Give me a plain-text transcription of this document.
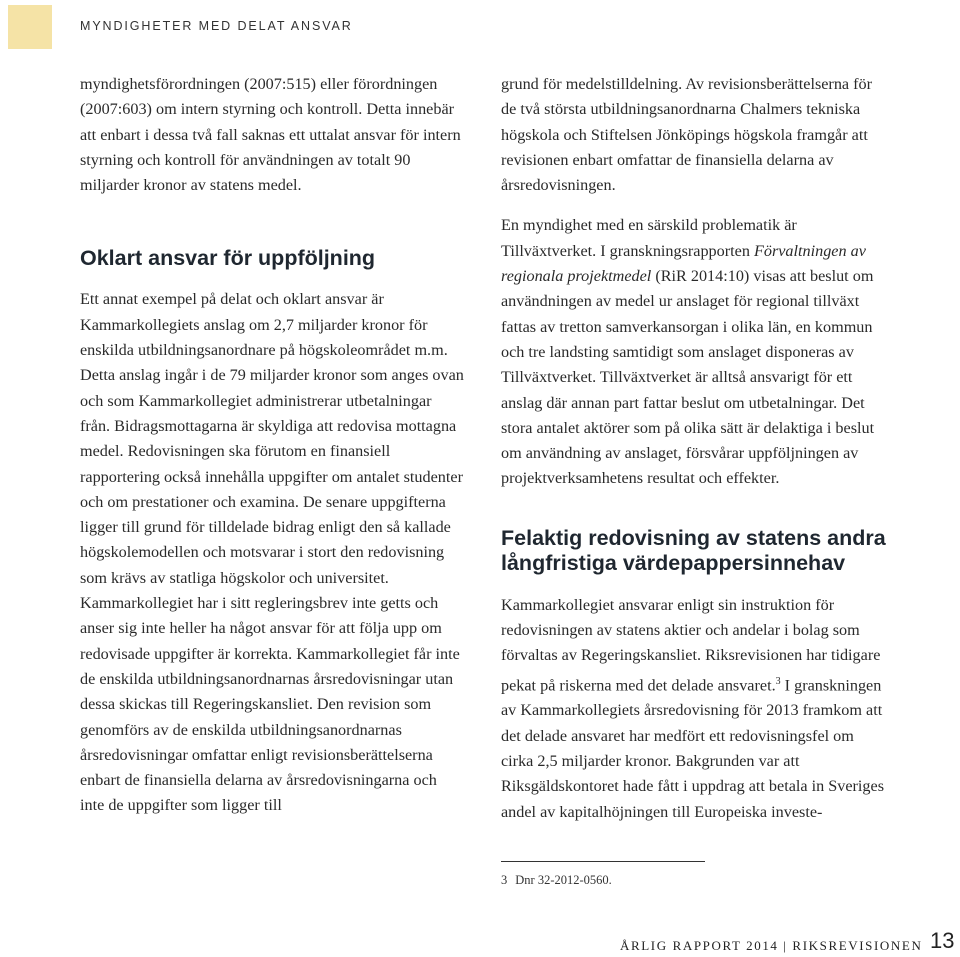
MYNDIGHETER MED DELAT ANSVAR

myndighetsförordningen (2007:515) eller förordningen (2007:603) om intern styrning och kontroll. Detta innebär att enbart i dessa två fall saknas ett uttalat ansvar för intern styrning och kontroll för användningen av totalt 90 miljarder kronor av statens medel.

Oklart ansvar för uppföljning

Ett annat exempel på delat och oklart ansvar är Kammarkollegiets anslag om 2,7 miljarder kronor för enskilda utbildningsanordnare på högskoleområdet m.m. Detta anslag ingår i de 79 miljarder kronor som anges ovan och som Kammarkollegiet administrerar utbetalningar från. Bidragsmottagarna är skyldiga att redovisa mottagna medel. Redovisningen ska förutom en finansiell rapportering också innehålla uppgifter om antalet studenter och om prestationer och examina. De senare uppgifterna ligger till grund för tilldelade bidrag enligt den så kallade högskolemodellen och motsvarar i stort den redovisning som krävs av statliga högskolor och universitet. Kammarkollegiet har i sitt regleringsbrev inte getts och anser sig inte heller ha något ansvar för att följa upp om redovisade uppgifter är korrekta. Kammarkollegiet får inte de enskilda utbildningsanordnarnas årsredovisningar utan dessa skickas till Regeringskansliet. Den revision som genomförs av de enskilda utbildningsanordnarnas årsredovisningar omfattar enligt revisionsberättelserna enbart de finansiella delarna av årsredovisningarna och inte de uppgifter som ligger till

grund för medelstilldelning. Av revisionsberättelserna för de två största utbildningsanordnarna Chalmers tekniska högskola och Stiftelsen Jönköpings högskola framgår att revisionen enbart omfattar de finansiella delarna av årsredovisningen.

En myndighet med en särskild problematik är Tillväxtverket. I granskningsrapporten Förvaltningen av regionala projektmedel (RiR 2014:10) visas att beslut om användningen av medel ur anslaget för regional tillväxt fattas av tretton samverkansorgan i olika län, en kommun och tre landsting samtidigt som anslaget disponeras av Tillväxtverket. Tillväxtverket är alltså ansvarigt för ett anslag där annan part fattar beslut om utbetalningar. Det stora antalet aktörer som på olika sätt är delaktiga i beslut om användning av anslaget, försvårar uppföljningen av projektverksamhetens resultat och effekter.

Felaktig redovisning av statens andra långfristiga värdepappersinnehav

Kammarkollegiet ansvarar enligt sin instruktion för redovisningen av statens aktier och andelar i bolag som förvaltas av Regeringskansliet. Riksrevisionen har tidigare pekat på riskerna med det delade ansvaret.$^3$ I granskningen av Kammarkollegiets årsredovisning för 2013 framkom att det delade ansvaret har medfört ett redovisningsfel om cirka 2,5 miljarder kronor. Bakgrunden var att Riksgäldskontoret hade fått i uppdrag att betala in Sveriges andel av kapitalhöjningen till Europeiska investe-

3 Dnr 32-2012-0560.
ÅRLIG RAPPORT 2014 | RIKSREVISIONEN 13
